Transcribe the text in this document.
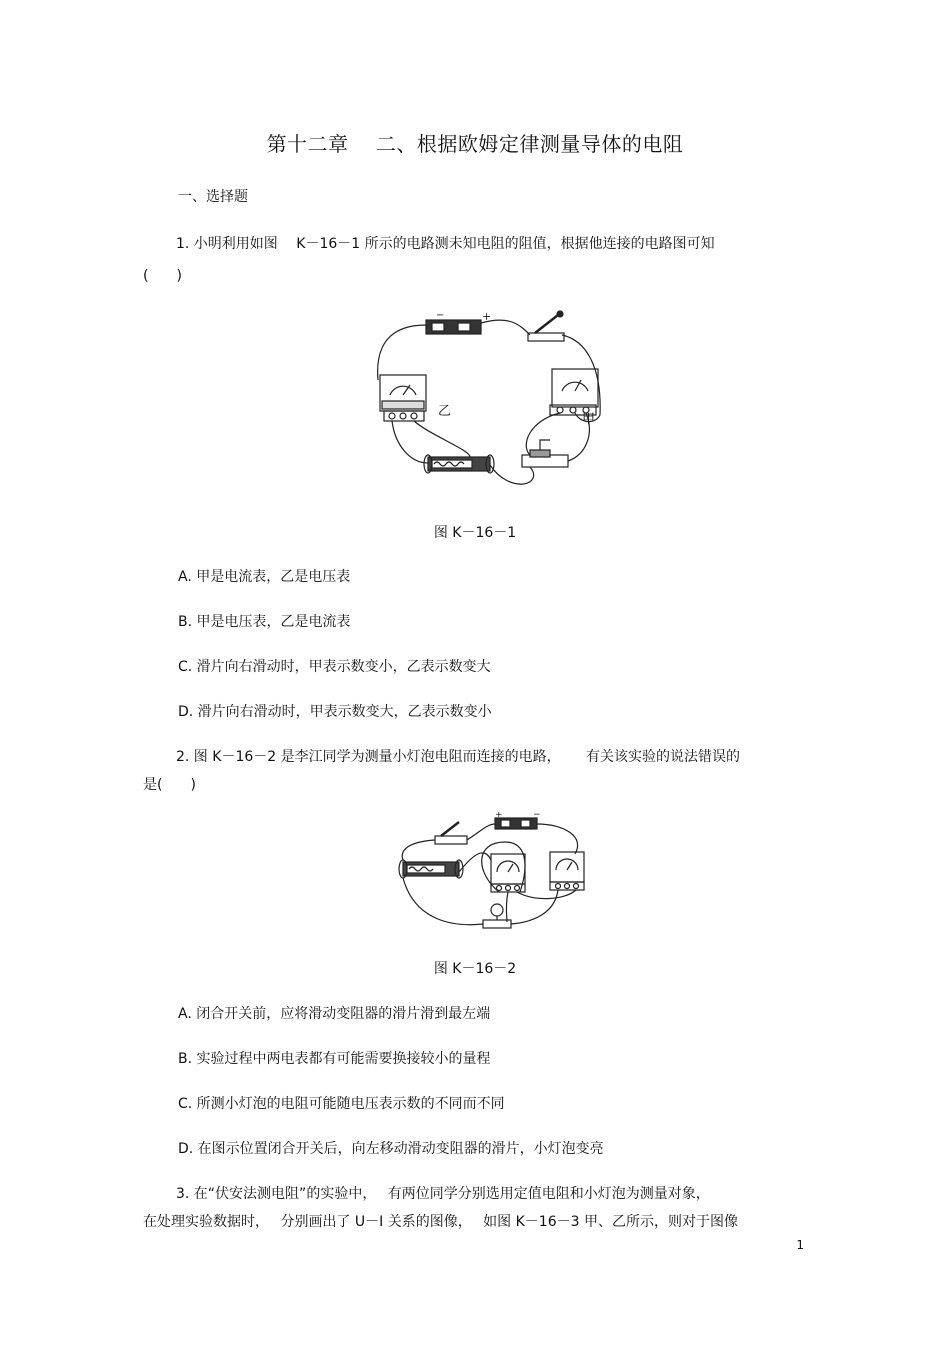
第十二章　 二、根据欧姆定律测量导体的电阻
一、选择题
1. 小明利用如图　 K－16－1 所示的电路测未知电阻的阻值，根据他连接的电路图可知
(　　)
−	+
乙
甲
图 K－16－1
A. 甲是电流表，乙是电压表
B. 甲是电压表，乙是电流表
C. 滑片向右滑动时，甲表示数变小，乙表示数变大
D. 滑片向右滑动时，甲表示数变大，乙表示数变小
2. 图 K－16－2 是李江同学为测量小灯泡电阻而连接的电路，　　 有关该实验的说法错误的
是(　　)
+	−
图 K－16－2
A. 闭合开关前，应将滑动变阻器的滑片滑到最左端
B. 实验过程中两电表都有可能需要换接较小的量程
C. 所测小灯泡的电阻可能随电压表示数的不同而不同
D. 在图示位置闭合开关后，向左移动滑动变阻器的滑片，小灯泡变亮
3. 在“伏安法测电阻”的实验中，　 有两位同学分别选用定值电阻和小灯泡为测量对象，
在处理实验数据时，　 分别画出了 U－I 关系的图像，　 如图 K－16－3 甲、乙所示，则对于图像
1
